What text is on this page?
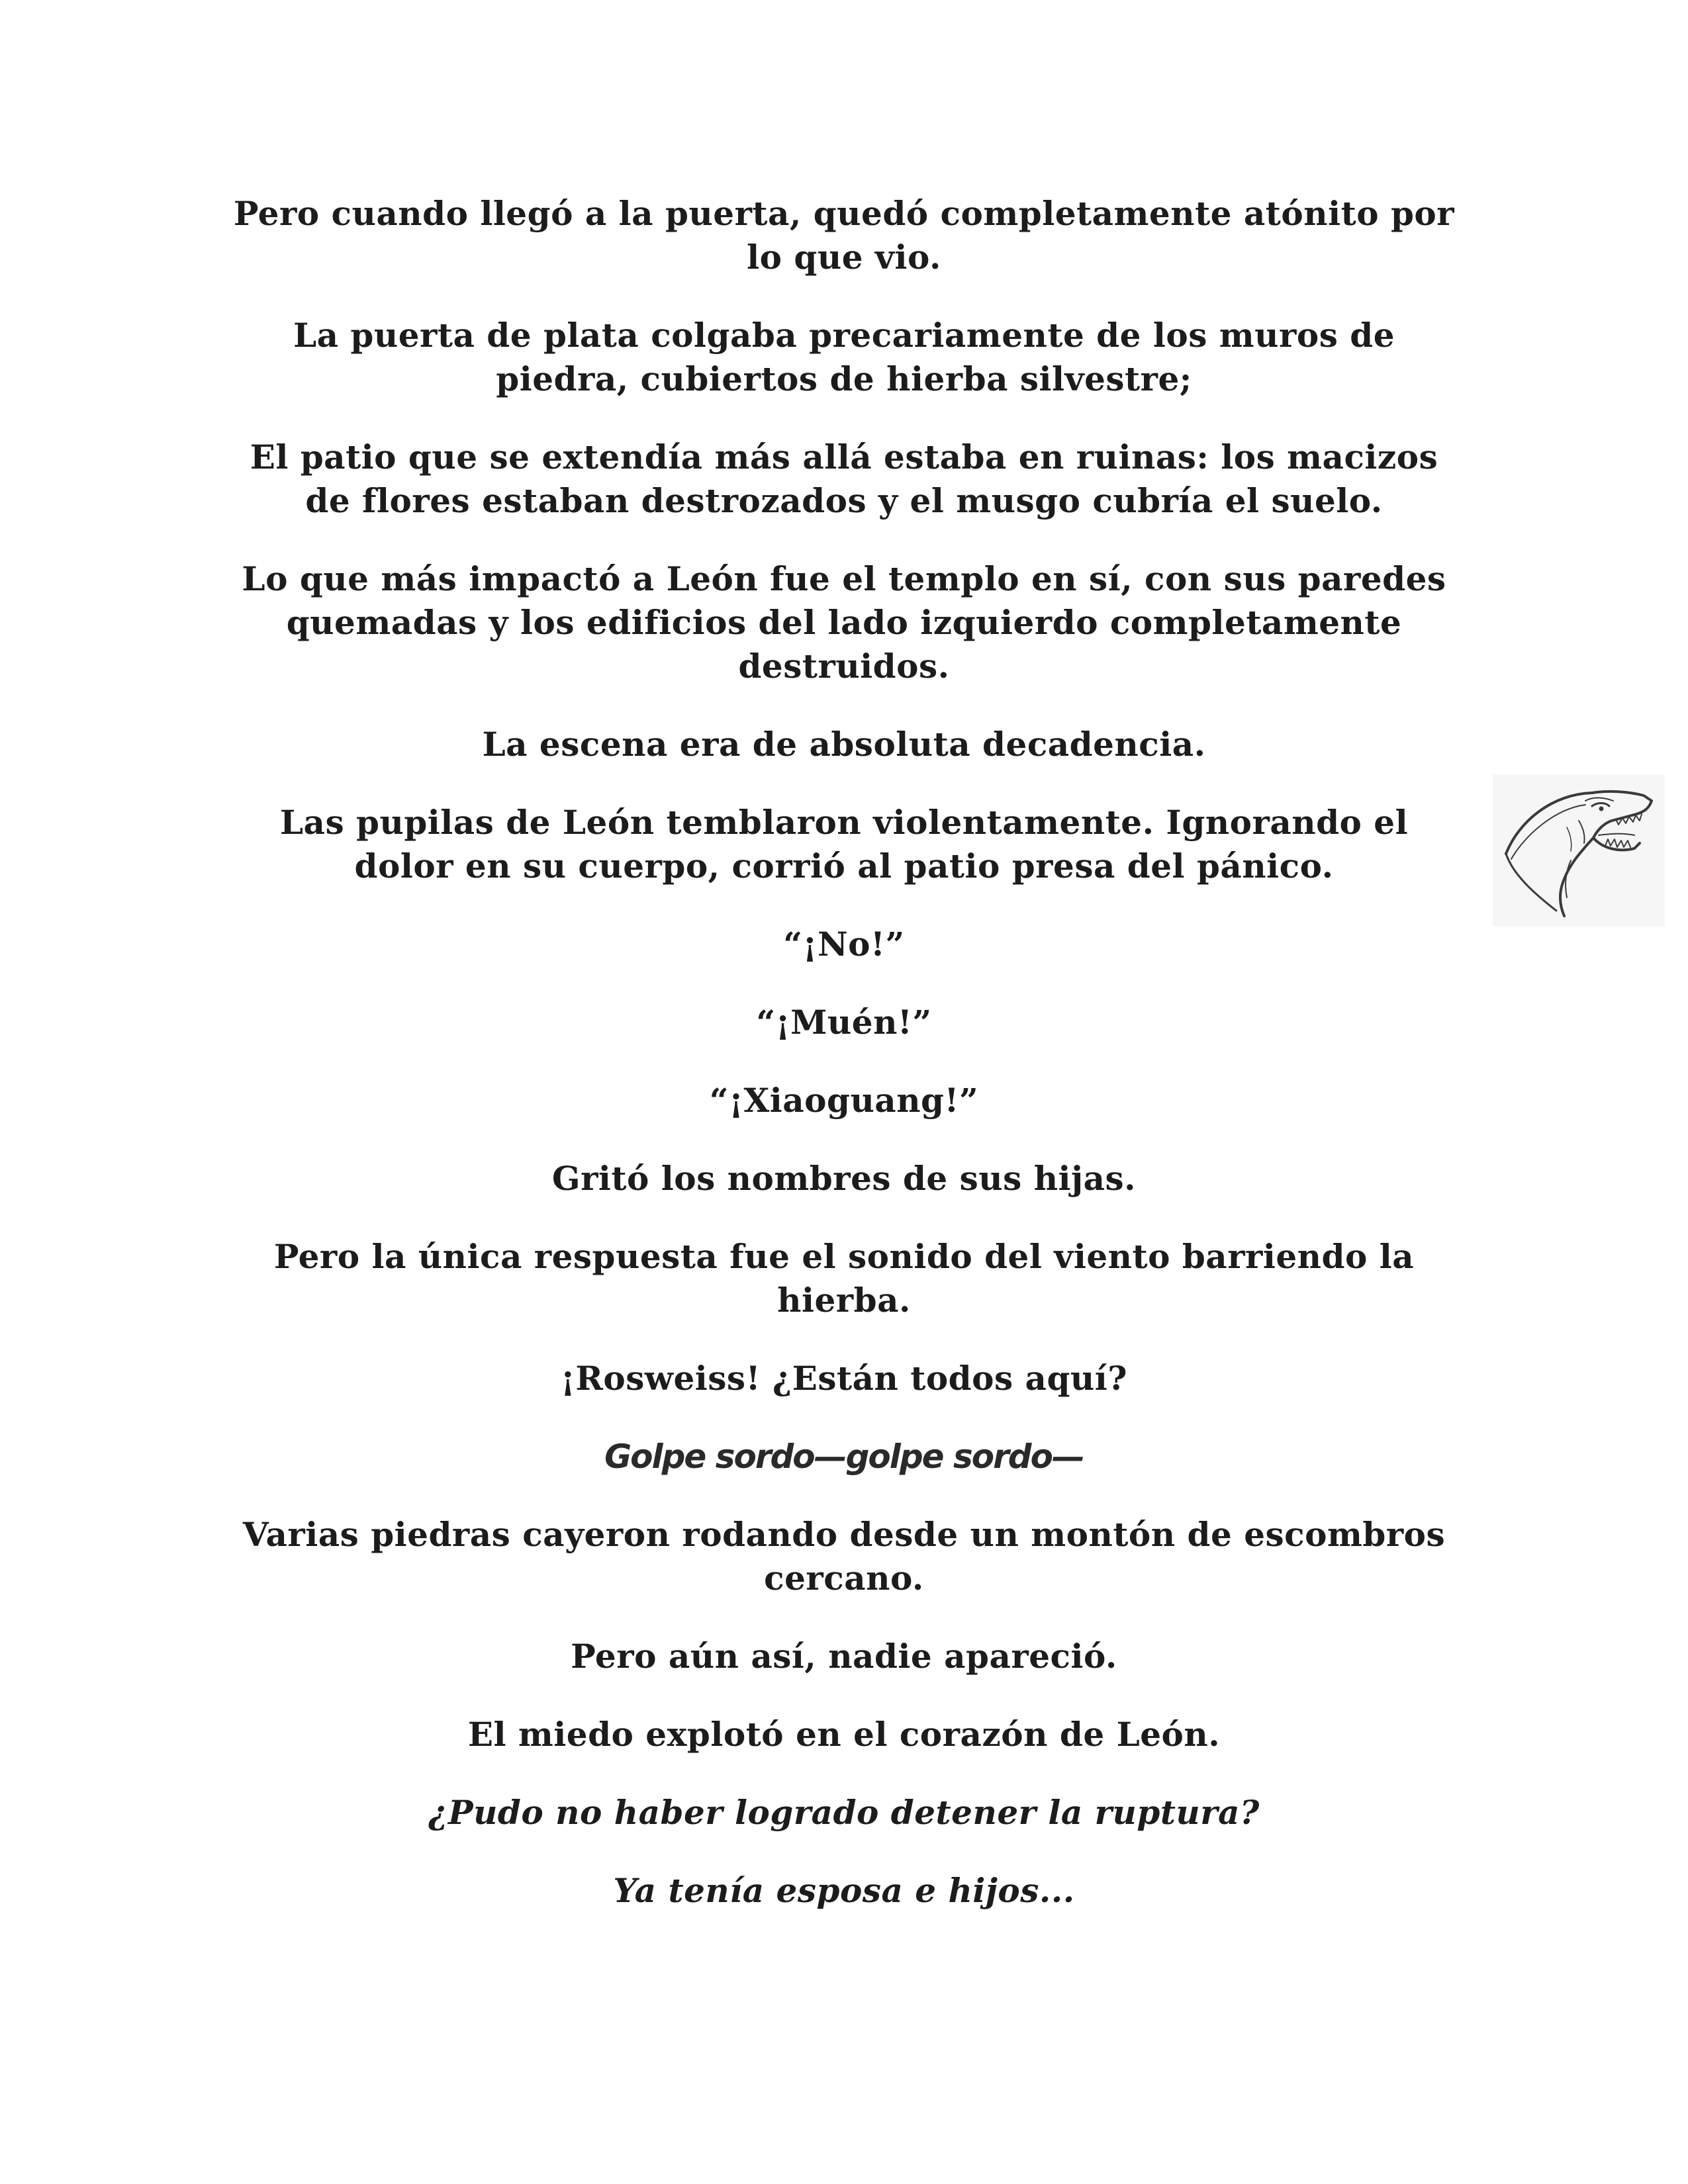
Pero cuando llegó a la puerta, quedó completamente atónito por lo que vio.

La puerta de plata colgaba precariamente de los muros de piedra, cubiertos de hierba silvestre;

El patio que se extendía más allá estaba en ruinas: los macizos de flores estaban destrozados y el musgo cubría el suelo.

Lo que más impactó a León fue el templo en sí, con sus paredes quemadas y los edificios del lado izquierdo completamente destruidos.

La escena era de absoluta decadencia.

Las pupilas de León temblaron violentamente. Ignorando el dolor en su cuerpo, corrió al patio presa del pánico.

“¡No!”

“¡Muén!”

“¡Xiaoguang!”

Gritó los nombres de sus hijas.

Pero la única respuesta fue el sonido del viento barriendo la hierba.

¡Rosweiss! ¿Están todos aquí?

Golpe sordo—golpe sordo—

Varias piedras cayeron rodando desde un montón de escombros cercano.

Pero aún así, nadie apareció.

El miedo explotó en el corazón de León.

¿Pudo no haber logrado detener la ruptura?

Ya tenía esposa e hijos...
